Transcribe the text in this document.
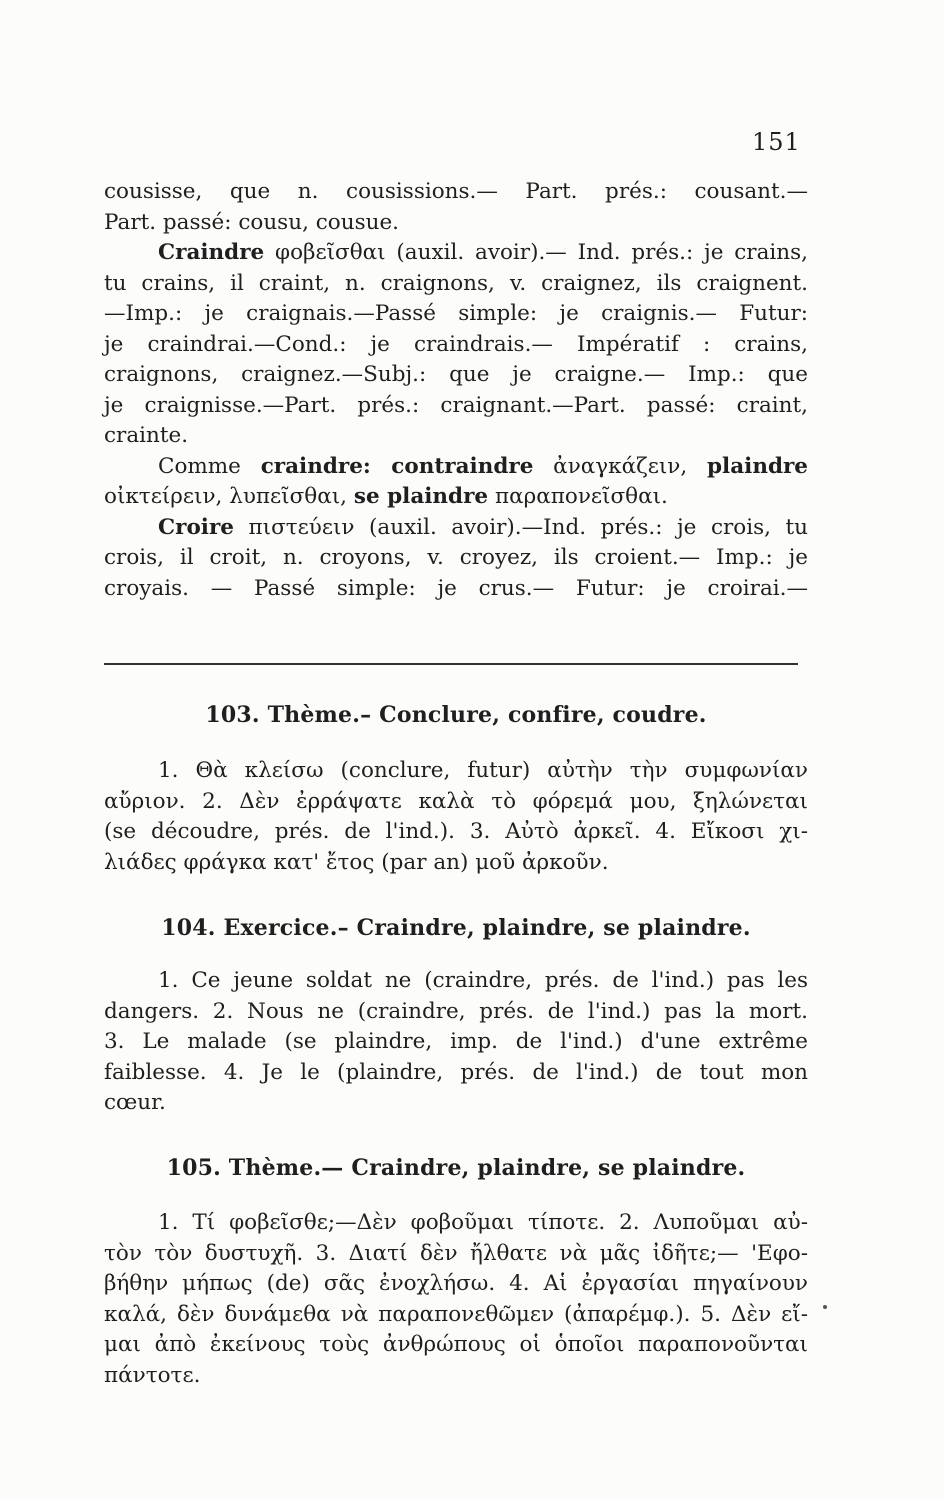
151
cousisse, que n. cousissions.— Part. prés.: cousant.—
Part. passé: cousu, cousue.
Craindre φοβεῖσθαι (auxil. avoir).— Ind. prés.: je crains,
tu crains, il craint, n. craignons, v. craignez, ils craignent.
—Imp.: je craignais.—Passé simple: je craignis.— Futur:
je craindrai.—Cond.: je craindrais.— Impératif : crains,
craignons, craignez.—Subj.: que je craigne.— Imp.: que
je craignisse.—Part. prés.: craignant.—Part. passé: craint,
crainte.
Comme craindre: contraindre ἀναγκάζειν, plaindre
οἰκτείρειν, λυπεῖσθαι, se plaindre παραπονεῖσθαι.
Croire πιστεύειν (auxil. avoir).—Ind. prés.: je crois, tu
crois, il croit, n. croyons, v. croyez, ils croient.— Imp.: je
croyais. — Passé simple: je crus.— Futur: je croirai.—
103. Thème.– Conclure, confire, coudre.
1. Θὰ κλείσω (conclure, futur) αὐτὴν τὴν συμφωνίαν
αὔριον. 2. Δὲν ἐρράψατε καλὰ τὸ φόρεμά μου, ξηλώνεται
(se découdre, prés. de l'ind.). 3. Αὐτὸ ἀρκεῖ. 4. Εἴκοσι χι-
λιάδες φράγκα κατ' ἔτος (par an) μοῦ ἀρκοῦν.
104. Exercice.– Craindre, plaindre, se plaindre.
1. Ce jeune soldat ne (craindre, prés. de l'ind.) pas les
dangers. 2. Nous ne (craindre, prés. de l'ind.) pas la mort.
3. Le malade (se plaindre, imp. de l'ind.) d'une extrême
faiblesse. 4. Je le (plaindre, prés. de l'ind.) de tout mon
cœur.
105. Thème.— Craindre, plaindre, se plaindre.
1. Τί φοβεῖσθε;—Δὲν φοβοῦμαι τίποτε. 2. Λυποῦμαι αὐ-
τὸν τὸν δυστυχῆ. 3. Διατί δὲν ἤλθατε νὰ μᾶς ἰδῆτε;— 'Εφο-
βήθην μήπως (de) σᾶς ἐνοχλήσω. 4. Αἱ ἐργασίαι πηγαίνουν
καλά, δὲν δυνάμεθα νὰ παραπονεθῶμεν (ἀπαρέμφ.). 5. Δὲν εἴ-
μαι ἀπὸ ἐκείνους τοὺς ἀνθρώπους οἱ ὁποῖοι παραπονοῦνται
πάντοτε.
